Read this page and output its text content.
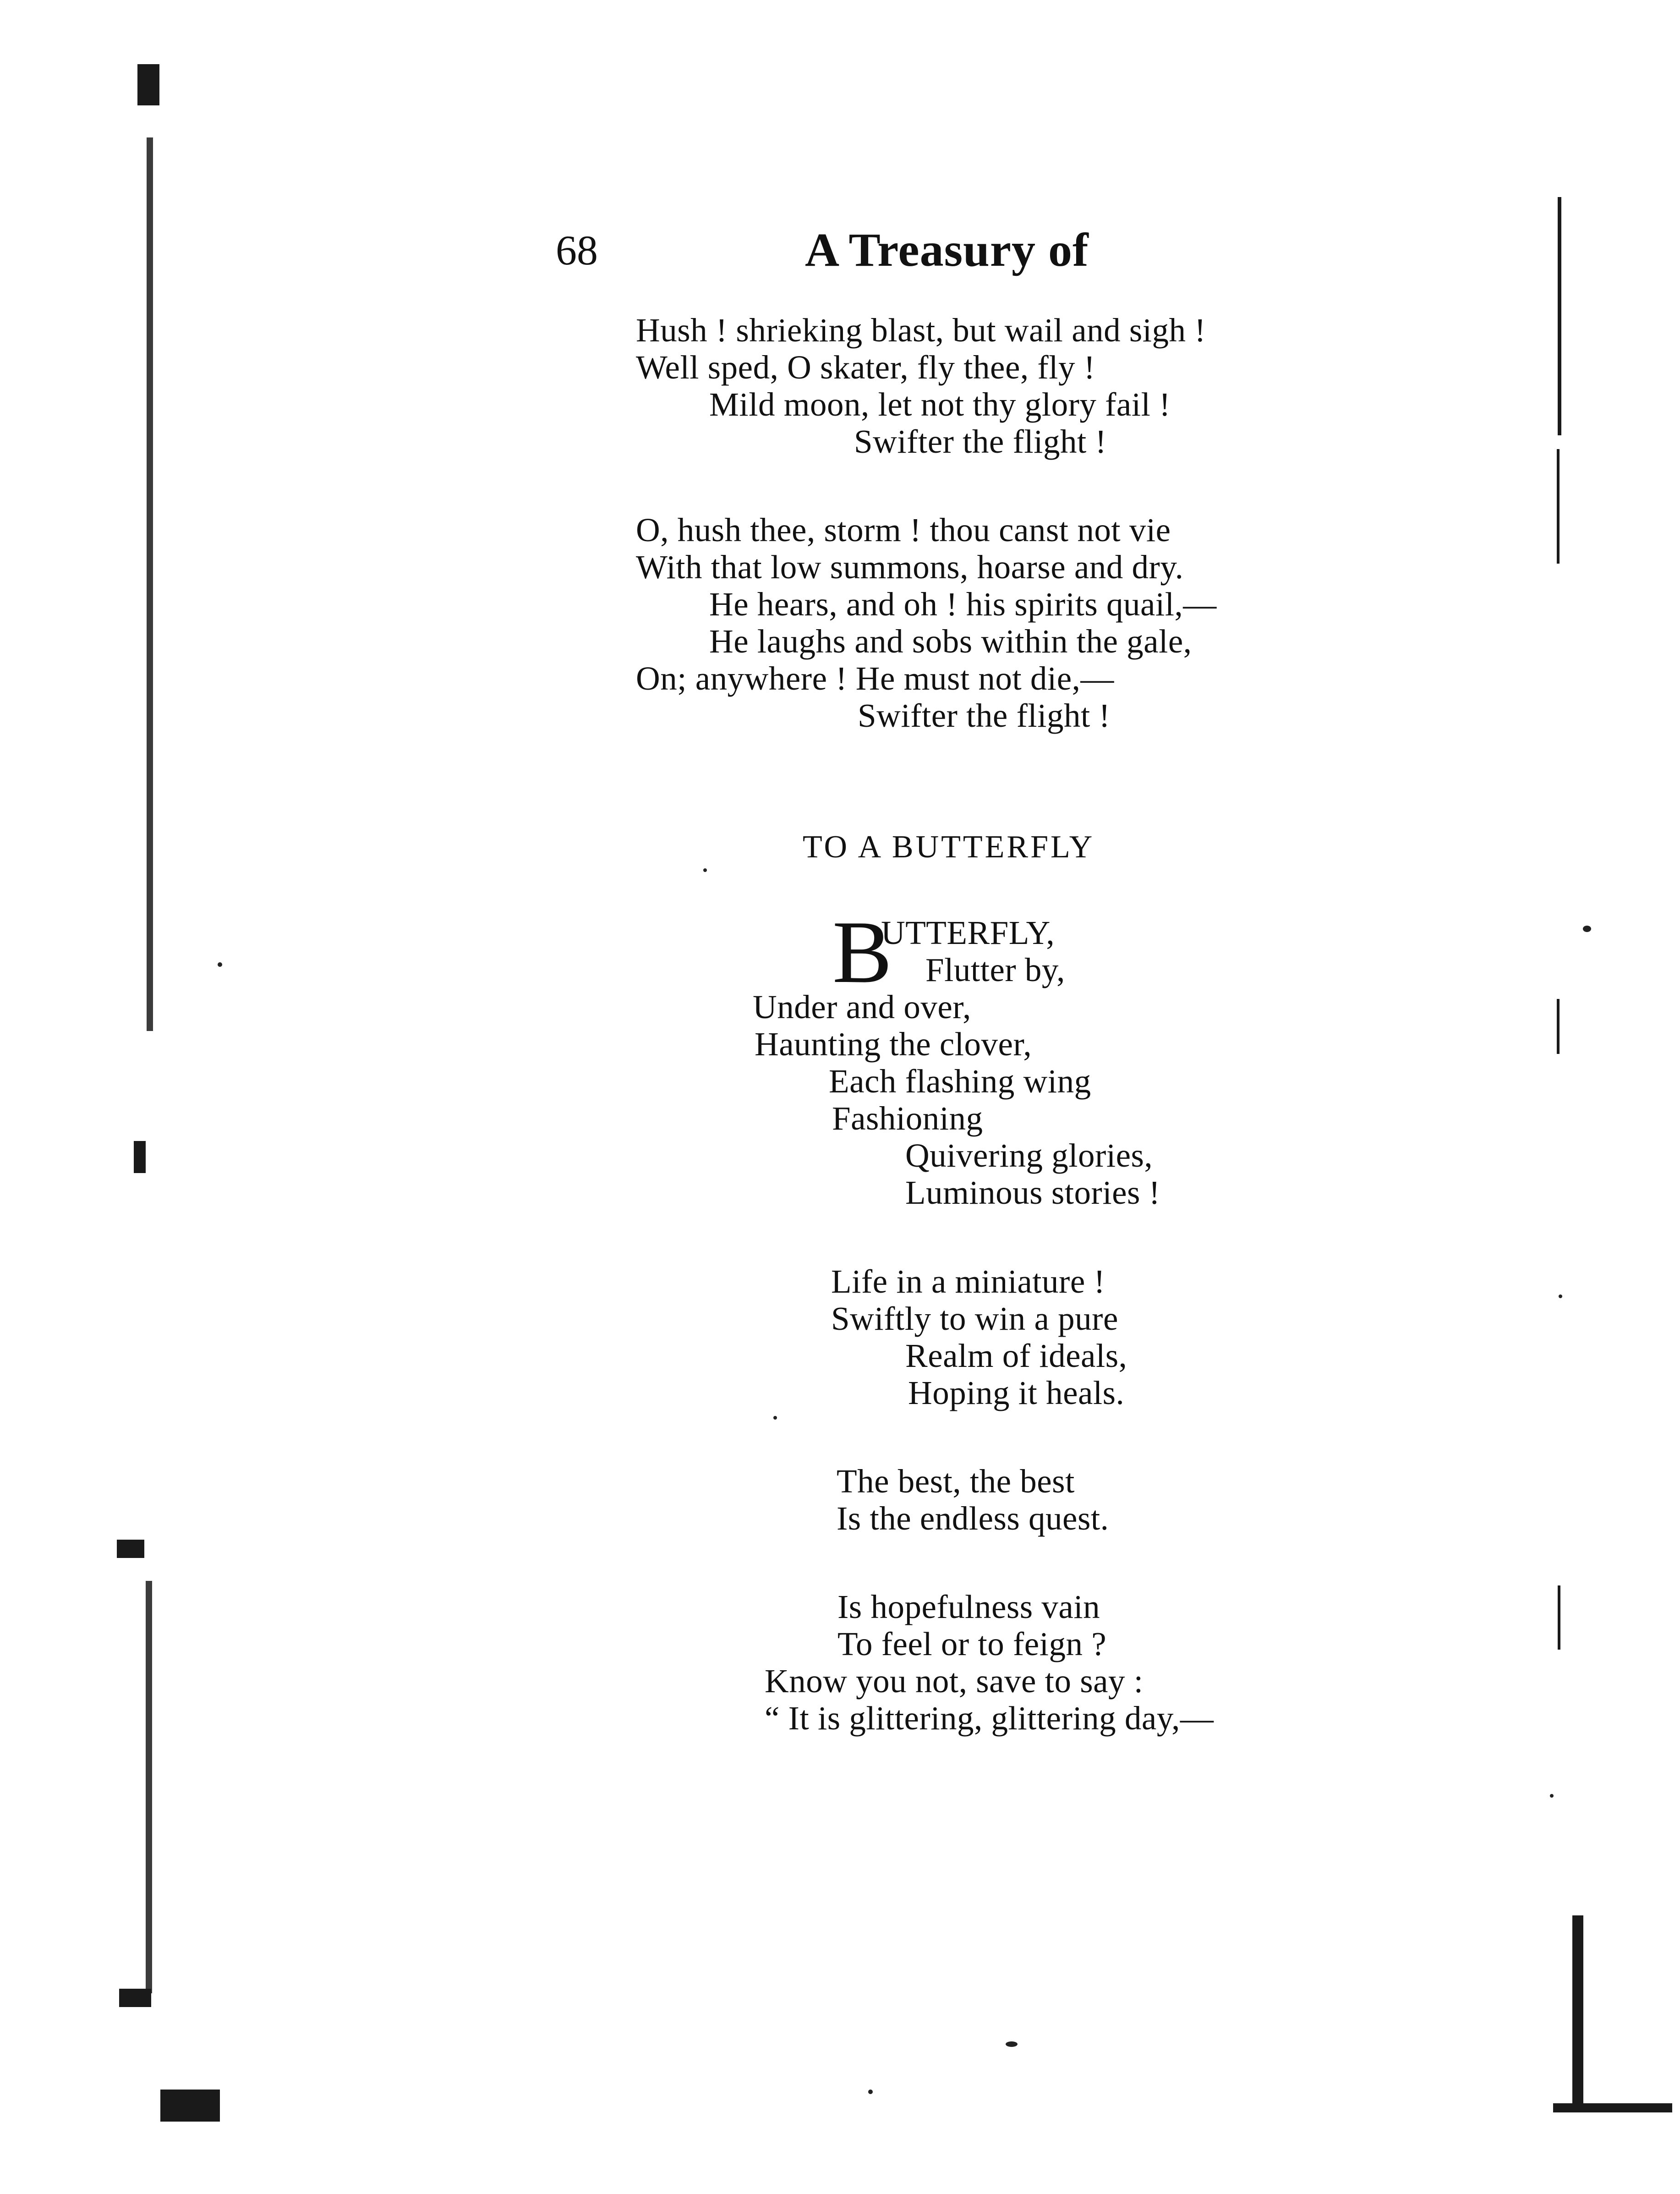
68	A Treasury of
Hush ! shrieking blast, but wail and sigh !
Well sped, O skater, fly thee, fly !
Mild moon, let not thy glory fail !
Swifter the flight !
O, hush thee, storm ! thou canst not vie
With that low summons, hoarse and dry.
He hears, and oh ! his spirits quail,—
He laughs and sobs within the gale,
On; anywhere ! He must not die,—
Swifter the flight !
TO A BUTTERFLY
B
UTTERFLY,
Flutter by,
Under and over,
Haunting the clover,
Each flashing wing
Fashioning
Quivering glories,
Luminous stories !
Life in a miniature !
Swiftly to win a pure
Realm of ideals,
Hoping it heals.
The best, the best
Is the endless quest.
Is hopefulness vain
To feel or to feign ?
Know you not, save to say :
“ It is glittering, glittering day,—
